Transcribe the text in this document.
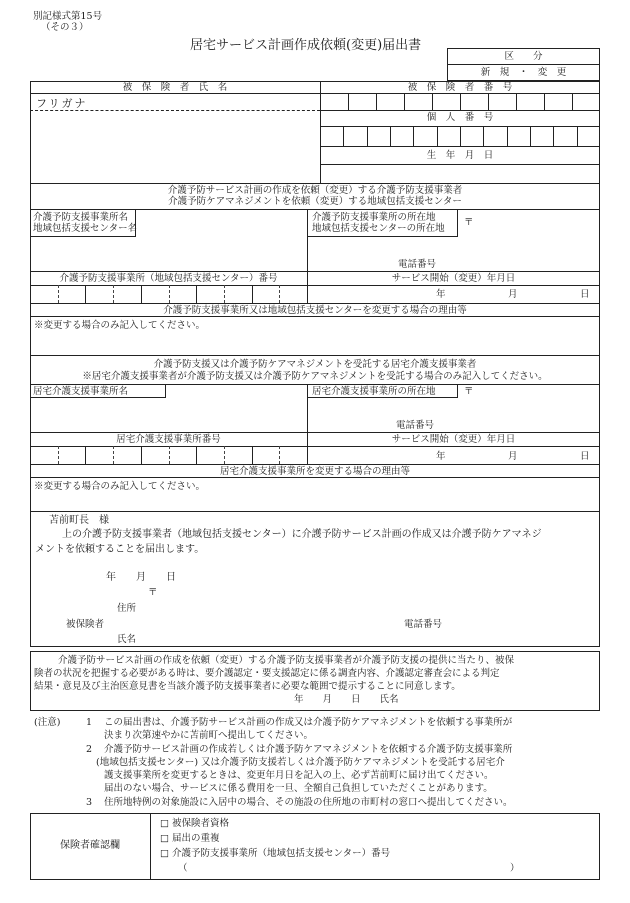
別記様式第15号
（その３）
居宅サービス計画作成依頼(変更)届出書
区　　分
新　規　・　変　更
被　保　険　者　氏　名	被　保　険　者　番　号
フリガナ
個　人　番　号
生　年　月　日
介護予防サービス計画の作成を依頼（変更）する介護予防支援事業者
介護予防ケアマネジメントを依頼（変更）する地域包括支援センター
介護予防支援事業所名
地域包括支援センター名
介護予防支援事業所の所在地
地域包括支援センターの所在地
〒
電話番号
介護予防支援事業所（地域包括支援センター）番号	サービス開始（変更）年月日
年	月	日
介護予防支援事業所又は地域包括支援センターを変更する場合の理由等
※変更する場合のみ記入してください。
介護予防支援又は介護予防ケアマネジメントを受託する居宅介護支援事業者
※居宅介護支援事業者が介護予防支援又は介護予防ケアマネジメントを受託する場合のみ記入してください。
居宅介護支援事業所名	居宅介護支援事業所の所在地	〒
電話番号
居宅介護支援事業所番号	サービス開始（変更）年月日
年	月	日
居宅介護支援事業所を変更する場合の理由等
※変更する場合のみ記入してください。
苫前町長　様
上の介護予防支援事業者（地域包括支援センター）に介護予防サービス計画の作成又は介護予防ケアマネジ
メントを依頼することを届出します。
年　　月　　日
〒
住所
被保険者	電話番号
氏名
介護予防サービス計画の作成を依頼（変更）する介護予防支援事業者が介護予防支援の提供に当たり、被保
険者の状況を把握する必要がある時は、要介護認定・要支援認定に係る調査内容、介護認定審査会による判定
結果・意見及び主治医意見書を当該介護予防支援事業者に必要な範囲で提示することに同意します。
年　　月　　日　　氏名
(注意)	1 この届出書は、介護予防サービス計画の作成又は介護予防ケアマネジメントを依頼する事業所が
決まり次第速やかに苫前町へ提出してください。
2 介護予防サービス計画の作成若しくは介護予防ケアマネジメントを依頼する介護予防支援事業所
(地域包括支援センター) 又は介護予防支援若しくは介護予防ケアマネジメントを受託する居宅介
護支援事業所を変更するときは、変更年月日を記入の上、必ず苫前町に届け出てください。
届出のない場合、サービスに係る費用を一旦、全額自己負担していただくことがあります。
3 住所地特例の対象施設に入居中の場合、その施設の住所地の市町村の窓口へ提出してください。
保険者確認欄
□ 被保険者資格
□ 届出の重複
□ 介護予防支援事業所（地域包括支援センター）番号
（	）
